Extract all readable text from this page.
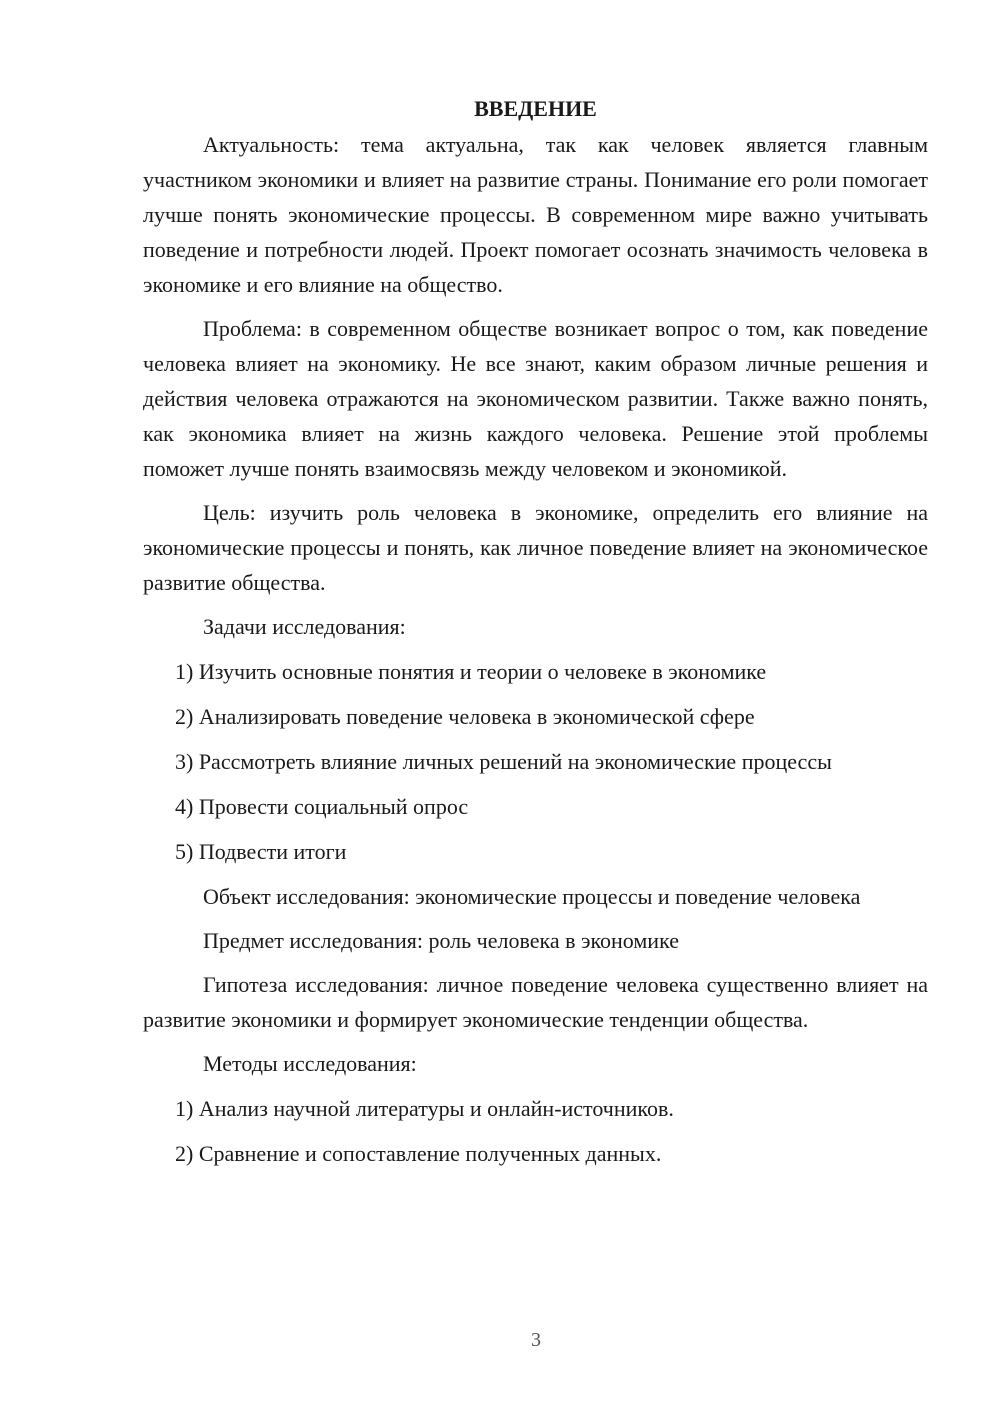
ВВЕДЕНИЕ

Актуальность: тема актуальна, так как человек является главным участником экономики и влияет на развитие страны. Понимание его роли помогает лучше понять экономические процессы. В современном мире важно учитывать поведение и потребности людей. Проект помогает осознать значимость человека в экономике и его влияние на общество.

Проблема: в современном обществе возникает вопрос о том, как поведение человека влияет на экономику. Не все знают, каким образом личные решения и действия человека отражаются на экономическом развитии. Также важно понять, как экономика влияет на жизнь каждого человека. Решение этой проблемы поможет лучше понять взаимосвязь между человеком и экономикой.

Цель: изучить роль человека в экономике, определить его влияние на экономические процессы и понять, как личное поведение влияет на экономическое развитие общества.

Задачи исследования:

1) Изучить основные понятия и теории о человеке в экономике
2) Анализировать поведение человека в экономической сфере
3) Рассмотреть влияние личных решений на экономические процессы
4) Провести социальный опрос
5) Подвести итоги

Объект исследования: экономические процессы и поведение человека

Предмет исследования: роль человека в экономике

Гипотеза исследования: личное поведение человека существенно влияет на развитие экономики и формирует экономические тенденции общества.

Методы исследования:

1) Анализ научной литературы и онлайн-источников.
2) Сравнение и сопоставление полученных данных.
3
